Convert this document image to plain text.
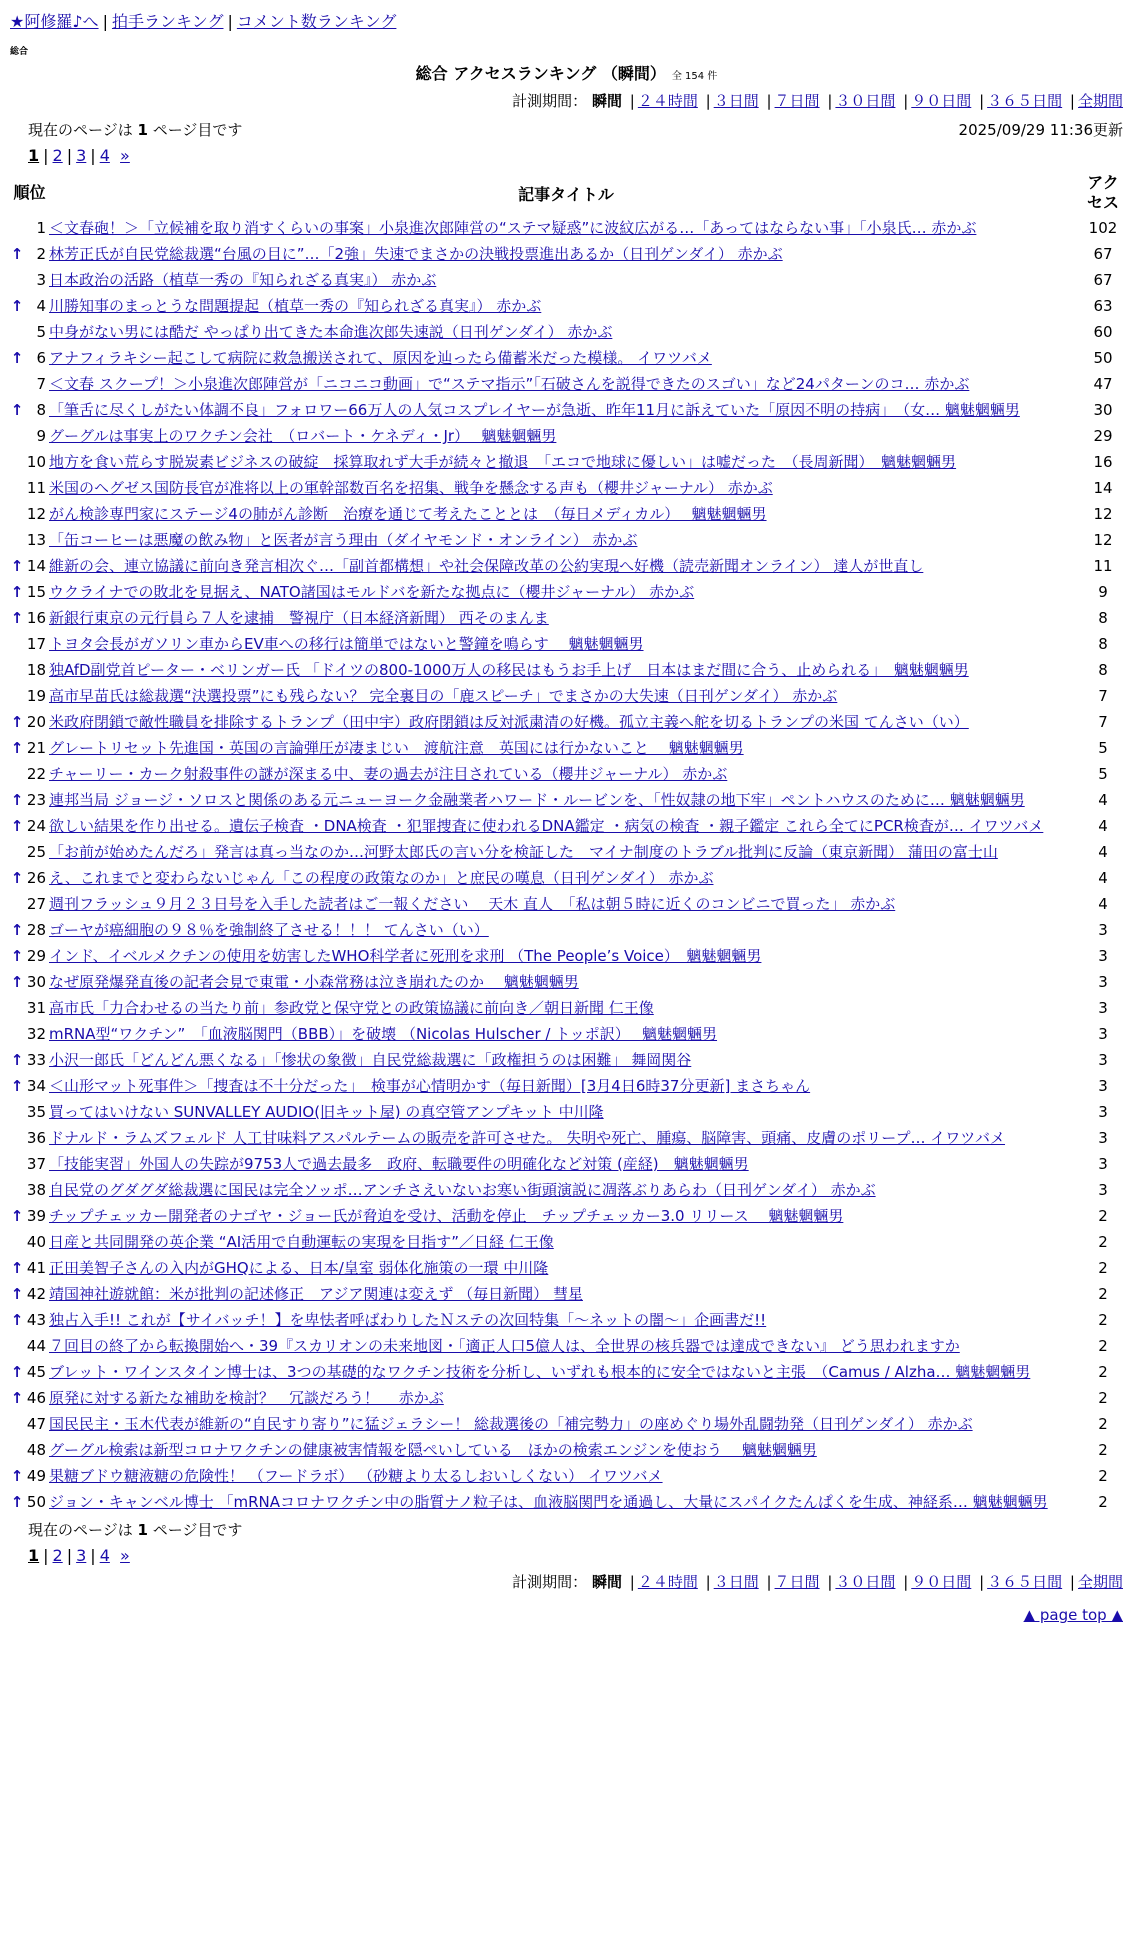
★阿修羅♪へ | 拍手ランキング | コメント数ランキング
総合
総合 アクセスランキング （瞬間） 全 154 件
計測期間： 瞬間 | ２４時間 | ３日間 | ７日間 | ３０日間 | ９０日間 | ３６５日間 | 全期間
現在のページは 1 ページ目です	2025/09/29 11:36更新
1 | 2 | 3 | 4 »
順位		記事タイトル	アクセス
	1	＜文春砲！＞「立候補を取り消すくらいの事案」小泉進次郎陣営の“ステマ疑惑”に波紋広がる…「あってはならない事」「小泉氏… 赤かぶ	102
↑	2	林芳正氏が自民党総裁選“台風の目に”…「2強」失速でまさかの決戦投票進出あるか（日刊ゲンダイ） 赤かぶ	67
	3	日本政治の活路（植草一秀の『知られざる真実』） 赤かぶ	67
↑	4	川勝知事のまっとうな問題提起（植草一秀の『知られざる真実』） 赤かぶ	63
	5	中身がない男には酷だ やっぱり出てきた本命進次郎失速説（日刊ゲンダイ） 赤かぶ	60
↑	6	アナフィラキシー起こして病院に救急搬送されて、原因を辿ったら備蓄米だった模様。 イワツバメ	50
	7	＜文春 スクープ！＞小泉進次郎陣営が「ニコニコ動画」で“ステマ指示”「石破さんを説得できたのスゴい」など24パターンのコ… 赤かぶ	47
↑	8	「筆舌に尽くしがたい体調不良」フォロワー66万人の人気コスプレイヤーが急逝、昨年11月に訴えていた「原因不明の持病」　（女… 魑魅魍魎男	30
	9	グーグルは事実上のワクチン会社　（ロバート・ケネディ・Jr）　 魑魅魍魎男	29
	10	地方を食い荒らす脱炭素ビジネスの破綻　採算取れず大手が続々と撤退　「エコで地球に優しい」は嘘だった　（長周新聞）　魑魅魍魎男	16
	11	米国のヘグゼス国防長官が准将以上の軍幹部数百名を招集、戦争を懸念する声も（櫻井ジャーナル） 赤かぶ	14
	12	がん検診専門家にステージ4の肺がん診断　治療を通じて考えたこととは　（毎日メディカル）　 魑魅魍魎男	12
	13	「缶コーヒーは悪魔の飲み物」と医者が言う理由（ダイヤモンド・オンライン） 赤かぶ	12
↑	14	維新の会、連立協議に前向き発言相次ぐ…「副首都構想」や社会保障改革の公約実現へ好機（読売新聞オンライン） 達人が世直し	11
↑	15	ウクライナでの敗北を見据え、NATO諸国はモルドバを新たな拠点に（櫻井ジャーナル） 赤かぶ	9
↑	16	新銀行東京の元行員ら７人を逮捕　警視庁（日本経済新聞） 西そのまんま	8
	17	トヨタ会長がガソリン車からEV車への移行は簡単ではないと警鐘を鳴らす　 魑魅魍魎男	8
	18	独AfD副党首ピーター・ベリンガー氏 「ドイツの800-1000万人の移民はもうお手上げ　日本はまだ間に合う、止められる」　魑魅魍魎男	8
	19	高市早苗氏は総裁選“決選投票”にも残らない？ 完全裏目の「鹿スピーチ」でまさかの大失速（日刊ゲンダイ） 赤かぶ	7
↑	20	米政府閉鎖で敵性職員を排除するトランプ（田中宇）政府閉鎖は反対派粛清の好機。孤立主義へ舵を切るトランプの米国 てんさい（い）	7
↑	21	グレートリセット先進国・英国の言論弾圧が凄まじい　渡航注意　英国には行かないこと　 魑魅魍魎男	5
	22	チャーリー・カーク射殺事件の謎が深まる中、妻の過去が注目されている（櫻井ジャーナル） 赤かぶ	5
↑	23	連邦当局 ジョージ・ソロスと関係のある元ニューヨーク金融業者ハワード・ルービンを、「性奴隷の地下牢」ペントハウスのために… 魑魅魍魎男	4
↑	24	欲しい結果を作り出せる。遺伝子検査 ・DNA検査 ・犯罪捜査に使われるDNA鑑定 ・病気の検査 ・親子鑑定 これら全てにPCR検査が… イワツバメ	4
	25	「お前が始めたんだろ」発言は真っ当なのか…河野太郎氏の言い分を検証した　マイナ制度のトラブル批判に反論（東京新聞） 蒲田の富士山	4
↑	26	え、これまでと変わらないじゃん「この程度の政策なのか」と庶民の嘆息（日刊ゲンダイ） 赤かぶ	4
	27	週刊フラッシュ９月２３日号を入手した読者はご一報ください　 天木 直人　「私は朝５時に近くのコンビニで買った」 赤かぶ	4
↑	28	ゴーヤが癌細胞の９８％を強制終了させる！！！ てんさい（い）	3
↑	29	インド、イベルメクチンの使用を妨害したWHO科学者に死刑を求刑 （The People’s Voice）　魑魅魍魎男	3
↑	30	なぜ原発爆発直後の記者会見で東電・小森常務は泣き崩れたのか　 魑魅魍魎男	3
	31	高市氏「力合わせるの当たり前」参政党と保守党との政策協議に前向き／朝日新聞 仁王像	3
	32	mRNA型“ワクチン”　「血液脳関門（BBB）」を破壊 （Nicolas Hulscher / トッポ訳）　 魑魅魍魎男	3
↑	33	小沢一郎氏「どんどん悪くなる」「惨状の象徴」自民党総裁選に「政権担うのは困難」 舞岡関谷	3
↑	34	＜山形マット死事件＞「捜査は不十分だった」　検事が心情明かす（毎日新聞）[3月4日6時37分更新] まさちゃん	3
	35	買ってはいけない SUNVALLEY AUDIO(旧キット屋) の真空管アンプキット 中川隆	3
	36	ドナルド・ラムズフェルド 人工甘味料アスパルテームの販売を許可させた。 失明や死亡、腫瘍、脳障害、頭痛、皮膚のポリープ… イワツバメ	3
	37	「技能実習」外国人の失踪が9753人で過去最多　政府、転職要件の明確化など対策 (産経)　魑魅魍魎男	3
	38	自民党のグダグダ総裁選に国民は完全ソッポ…アンチさえいないお寒い街頭演説に凋落ぶりあらわ（日刊ゲンダイ） 赤かぶ	3
↑	39	チップチェッカー開発者のナゴヤ・ジョー氏が脅迫を受け、活動を停止　チップチェッカー3.0 リリース　 魑魅魍魎男	2
	40	日産と共同開発の英企業 “AI活用で自動運転の実現を目指す”／日経 仁王像	2
↑	41	正田美智子さんの入内がGHQによる、日本/皇室 弱体化施策の一環 中川隆	2
↑	42	靖国神社遊就館：米が批判の記述修正　アジア関連は変えず （毎日新聞） 彗星	2
↑	43	独占入手!! これが【サイバッチ！】を卑怯者呼ばわりしたＮステの次回特集「～ネットの闇～」企画書だ!!	2
	44	７回目の終了から転換開始へ・39『スカリオンの未来地図・「適正人口5億人は、全世界の核兵器では達成できない』 どう思われますか	2
↑	45	ブレット・ワインスタイン博士は、3つの基礎的なワクチン技術を分析し、いずれも根本的に安全ではないと主張　（Camus / Alzha… 魑魅魍魎男	2
↑	46	原発に対する新たな補助を検討？　冗談だろう！　 赤かぶ	2
	47	国民民主・玉木代表が維新の“自民すり寄り”に猛ジェラシー！ 総裁選後の「補完勢力」の座めぐり場外乱闘勃発（日刊ゲンダイ） 赤かぶ	2
	48	グーグル検索は新型コロナワクチンの健康被害情報を隠ぺいしている　ほかの検索エンジンを使おう　 魑魅魍魎男	2
↑	49	果糖ブドウ糖液糖の危険性！ （フードラボ） （砂糖より太るしおいしくない） イワツバメ	2
↑	50	ジョン・キャンベル博士 「mRNAコロナワクチン中の脂質ナノ粒子は、血液脳関門を通過し、大量にスパイクたんぱくを生成、神経系… 魑魅魍魎男	2
現在のページは 1 ページ目です
1 | 2 | 3 | 4 »
計測期間： 瞬間 | ２４時間 | ３日間 | ７日間 | ３０日間 | ９０日間 | ３６５日間 | 全期間
▲ page top ▲
